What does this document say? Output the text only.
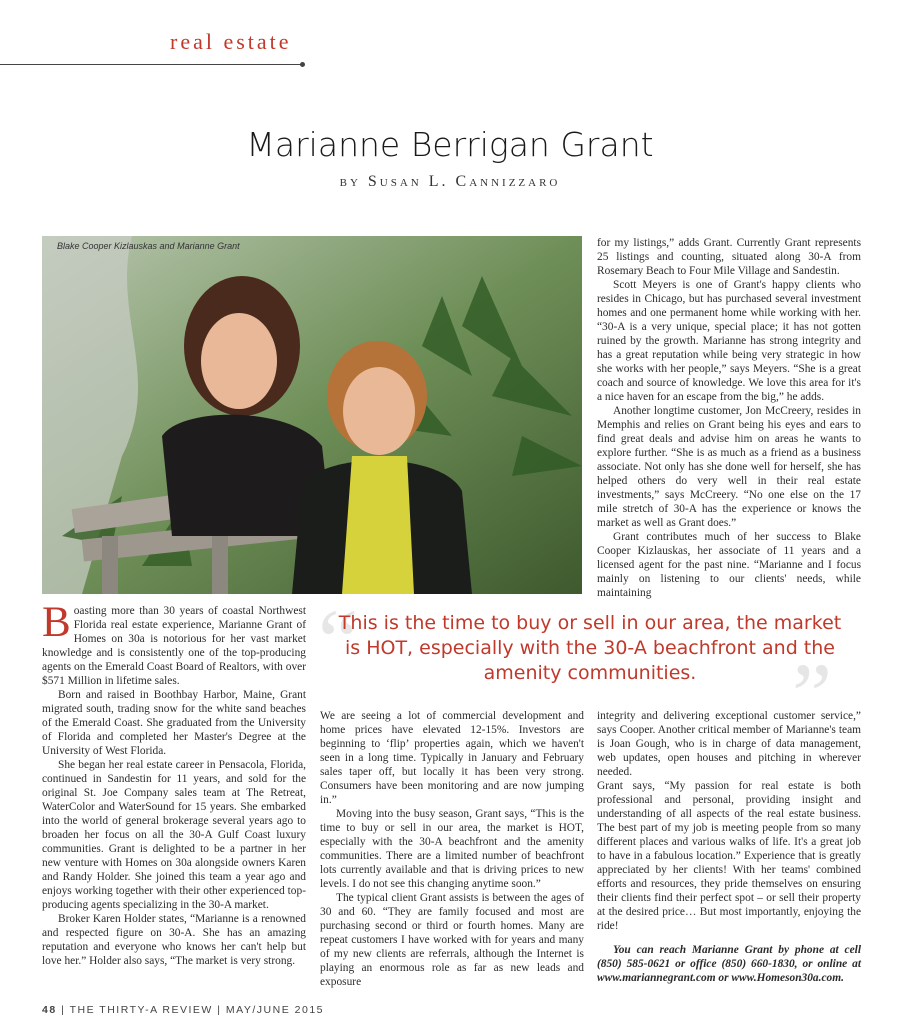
real estate
Marianne Berrigan Grant
by Susan L. Cannizzaro
Blake Cooper Kizlauskas and Marianne Grant	for my listings,” adds Grant. Currently Grant represents 25 listings and counting, situated along 30-A from Rosemary Beach to Four Mile Village and Sandestin.

Scott Meyers is one of Grant's happy clients who resides in Chicago, but has purchased several investment homes and one permanent home while working with her. “30-A is a very unique, special place; it has not gotten ruined by the growth. Marianne has strong integrity and has a great reputation while being very strategic in how she works with her people,” says Meyers. “She is a great coach and source of knowledge. We love this area for it's a nice haven for an escape from the big,” he adds.

Another longtime customer, Jon McCreery, resides in Memphis and relies on Grant being his eyes and ears to find great deals and advise him on areas he wants to explore further. “She is as much as a friend as a business associate. Not only has she done well for herself, she has helped others do very well in their real estate investments,” says McCreery. “No one else on the 17 mile stretch of 30-A has the experience or knows the market as well as Grant does.”

Grant contributes much of her success to Blake Cooper Kizlauskas, her associate of 11 years and a licensed agent for the past nine. “Marianne and I focus mainly on listening to our clients' needs, while maintaining

Boasting more than 30 years of coastal Northwest Florida real estate experience, Marianne Grant of Homes on 30a is notorious for her vast market knowledge and is consistently one of the top-producing agents on the Emerald Coast Board of Realtors, with over $571 Million in lifetime sales.

Born and raised in Boothbay Harbor, Maine, Grant migrated south, trading snow for the white sand beaches of the Emerald Coast. She graduated from the University of Florida and completed her Master's Degree at the University of West Florida.

She began her real estate career in Pensacola, Florida, continued in Sandestin for 11 years, and sold for the original St. Joe Company sales team at The Retreat, WaterColor and WaterSound for 15 years. She embarked into the world of general brokerage several years ago to broaden her focus on all the 30-A Gulf Coast luxury communities. Grant is delighted to be a partner in her new venture with Homes on 30a alongside owners Karen and Randy Holder. She joined this team a year ago and enjoys working together with their other experienced top-producing agents specializing in the 30-A market.

Broker Karen Holder states, “Marianne is a renowned and respected figure on 30-A. She has an amazing reputation and everyone who knows her can't help but love her.” Holder also says, “The market is very strong.

“
”
This is the time to buy or sell in our area, the market is HOT, especially with the 30-A beachfront and the amenity communities.

We are seeing a lot of commercial development and home prices have elevated 12-15%. Investors are beginning to ‘flip’ properties again, which we haven't seen in a long time. Typically in January and February sales taper off, but locally it has been very strong. Consumers have been monitoring and are now jumping in.”

Moving into the busy season, Grant says, “This is the time to buy or sell in our area, the market is HOT, especially with the 30-A beachfront and the amenity communities. There are a limited number of beachfront lots currently available and that is driving prices to new levels. I do not see this changing anytime soon.”

The typical client Grant assists is between the ages of 30 and 60. “They are family focused and most are purchasing second or third or fourth homes. Many are repeat customers I have worked with for years and many of my new clients are referrals, although the Internet is playing an enormous role as far as new leads and exposure

integrity and delivering exceptional customer service,” says Cooper. Another critical member of Marianne's team is Joan Gough, who is in charge of data management, web updates, open houses and pitching in wherever needed.

Grant says, “My passion for real estate is both professional and personal, providing insight and understanding of all aspects of the real estate business. The best part of my job is meeting people from so many different places and various walks of life. It's a great job to have in a fabulous location.” Experience that is greatly appreciated by her clients! With her teams' combined efforts and resources, they pride themselves on ensuring their clients find their perfect spot – or sell their property at the desired price… But most importantly, enjoying the ride!

You can reach Marianne Grant by phone at cell (850) 585-0621 or office (850) 660-1830, or online at www.mariannegrant.com or www.Homeson30a.com.

48 | THE THIRTY-A REVIEW | MAY/JUNE 2015
